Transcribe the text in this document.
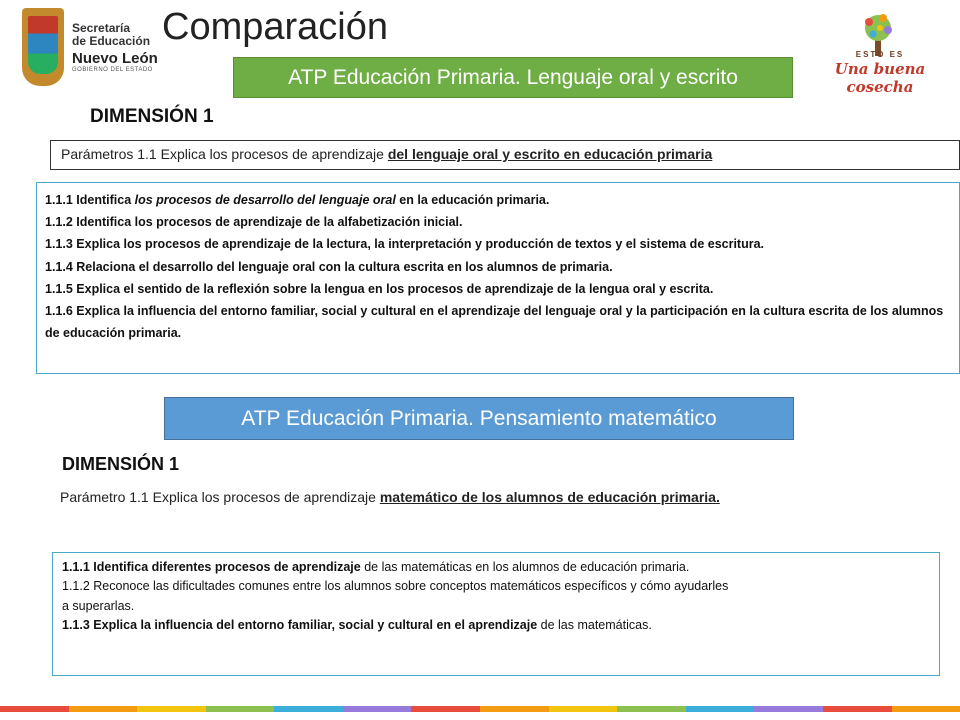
Secretaría
de Educación
Nuevo León
GOBIERNO DEL ESTADO
Comparación
ESTO ES
Una buena cosecha
ATP Educación Primaria. Lenguaje oral y escrito
DIMENSIÓN 1
Parámetros 1.1 Explica los procesos de aprendizaje del lenguaje oral y escrito en educación primaria
1.1.1 Identifica los procesos de desarrollo del lenguaje oral en la educación primaria.
1.1.2 Identifica los procesos de aprendizaje de la alfabetización inicial.
1.1.3 Explica los procesos de aprendizaje de la lectura, la interpretación y producción de textos y el sistema de escritura.
1.1.4 Relaciona el desarrollo del lenguaje oral con la cultura escrita en los alumnos de primaria.
1.1.5 Explica el sentido de la reflexión sobre la lengua en los procesos de aprendizaje de la lengua oral y escrita.
1.1.6 Explica la influencia del entorno familiar, social y cultural en el aprendizaje del lenguaje oral y la participación en la cultura escrita de los alumnos de educación primaria.
ATP Educación Primaria. Pensamiento matemático
DIMENSIÓN 1
Parámetro 1.1 Explica los procesos de aprendizaje matemático de los alumnos de educación primaria.
1.1.1 Identifica diferentes procesos de aprendizaje de las matemáticas en los alumnos de educación primaria.
1.1.2 Reconoce las dificultades comunes entre los alumnos sobre conceptos matemáticos específicos y cómo ayudarles
a superarlas.
1.1.3 Explica la influencia del entorno familiar, social y cultural en el aprendizaje de las matemáticas.
